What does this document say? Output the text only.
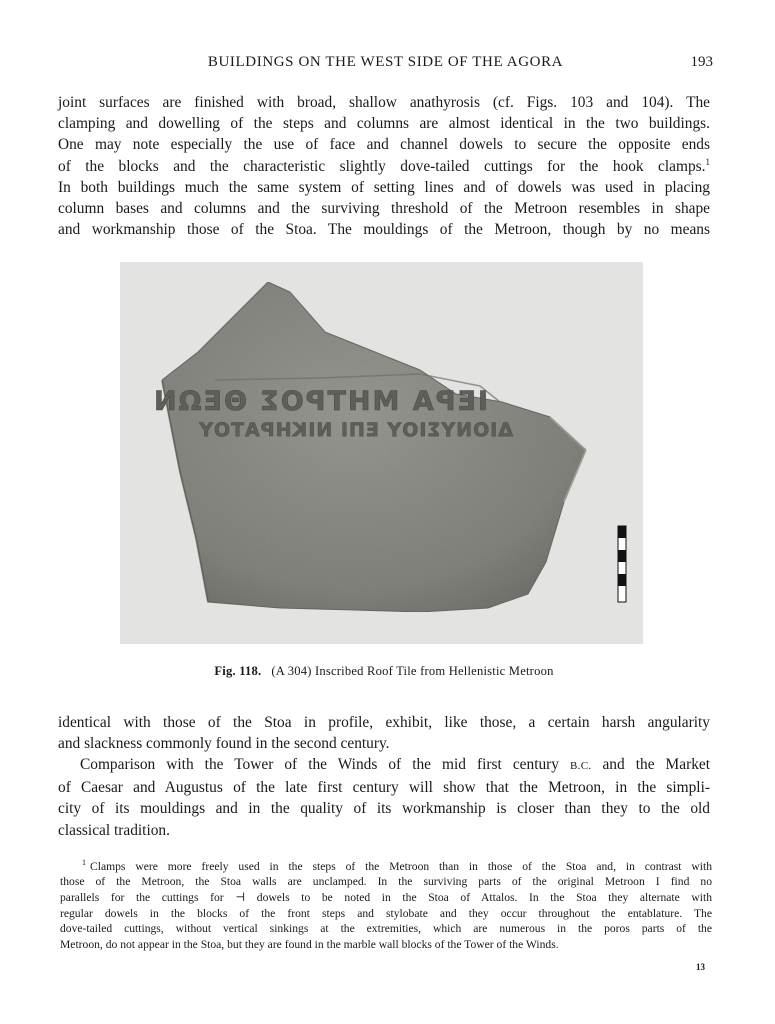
BUILDINGS ON THE WEST SIDE OF THE AGORA	193

joint surfaces are finished with broad, shallow anathyrosis (cf. Figs. 103 and 104). The
clamping and dowelling of the steps and columns are almost identical in the two buildings.
One may note especially the use of face and channel dowels to secure the opposite ends
of the blocks and the characteristic slightly dove-tailed cuttings for the hook clamps.$^1$
In both buildings much the same system of setting lines and of dowels was used in placing
column bases and columns and the surviving threshold of the Metroon resembles in shape
and workmanship those of the Stoa. The mouldings of the Metroon, though by no means

ΙΕΡΑ ΜΗΤΡΟΣ ΘΕΩΝ
ΔΙΟΝΥΣΙΟΥ ΕΠΙ ΝΙΚΗΡΑΤΟΥ
Fig. 118. (A 304) Inscribed Roof Tile from Hellenistic Metroon

identical with those of the Stoa in profile, exhibit, like those, a certain harsh angularity
and slackness commonly found in the second century.

Comparison with the Tower of the Winds of the mid first century B.C. and the Market
of Caesar and Augustus of the late first century will show that the Metroon, in the simpli-
city of its mouldings and in the quality of its workmanship is closer than they to the old
classical tradition.

$^1$ Clamps were more freely used in the steps of the Metroon than in those of the Stoa and, in contrast with
those of the Metroon, the Stoa walls are unclamped. In the surviving parts of the original Metroon I find no
parallels for the cuttings for ⊣ dowels to be noted in the Stoa of Attalos. In the Stoa they alternate with
regular dowels in the blocks of the front steps and stylobate and they occur throughout the entablature. The
dove-tailed cuttings, without vertical sinkings at the extremities, which are numerous in the poros parts of the
Metroon, do not appear in the Stoa, but they are found in the marble wall blocks of the Tower of the Winds.
13
